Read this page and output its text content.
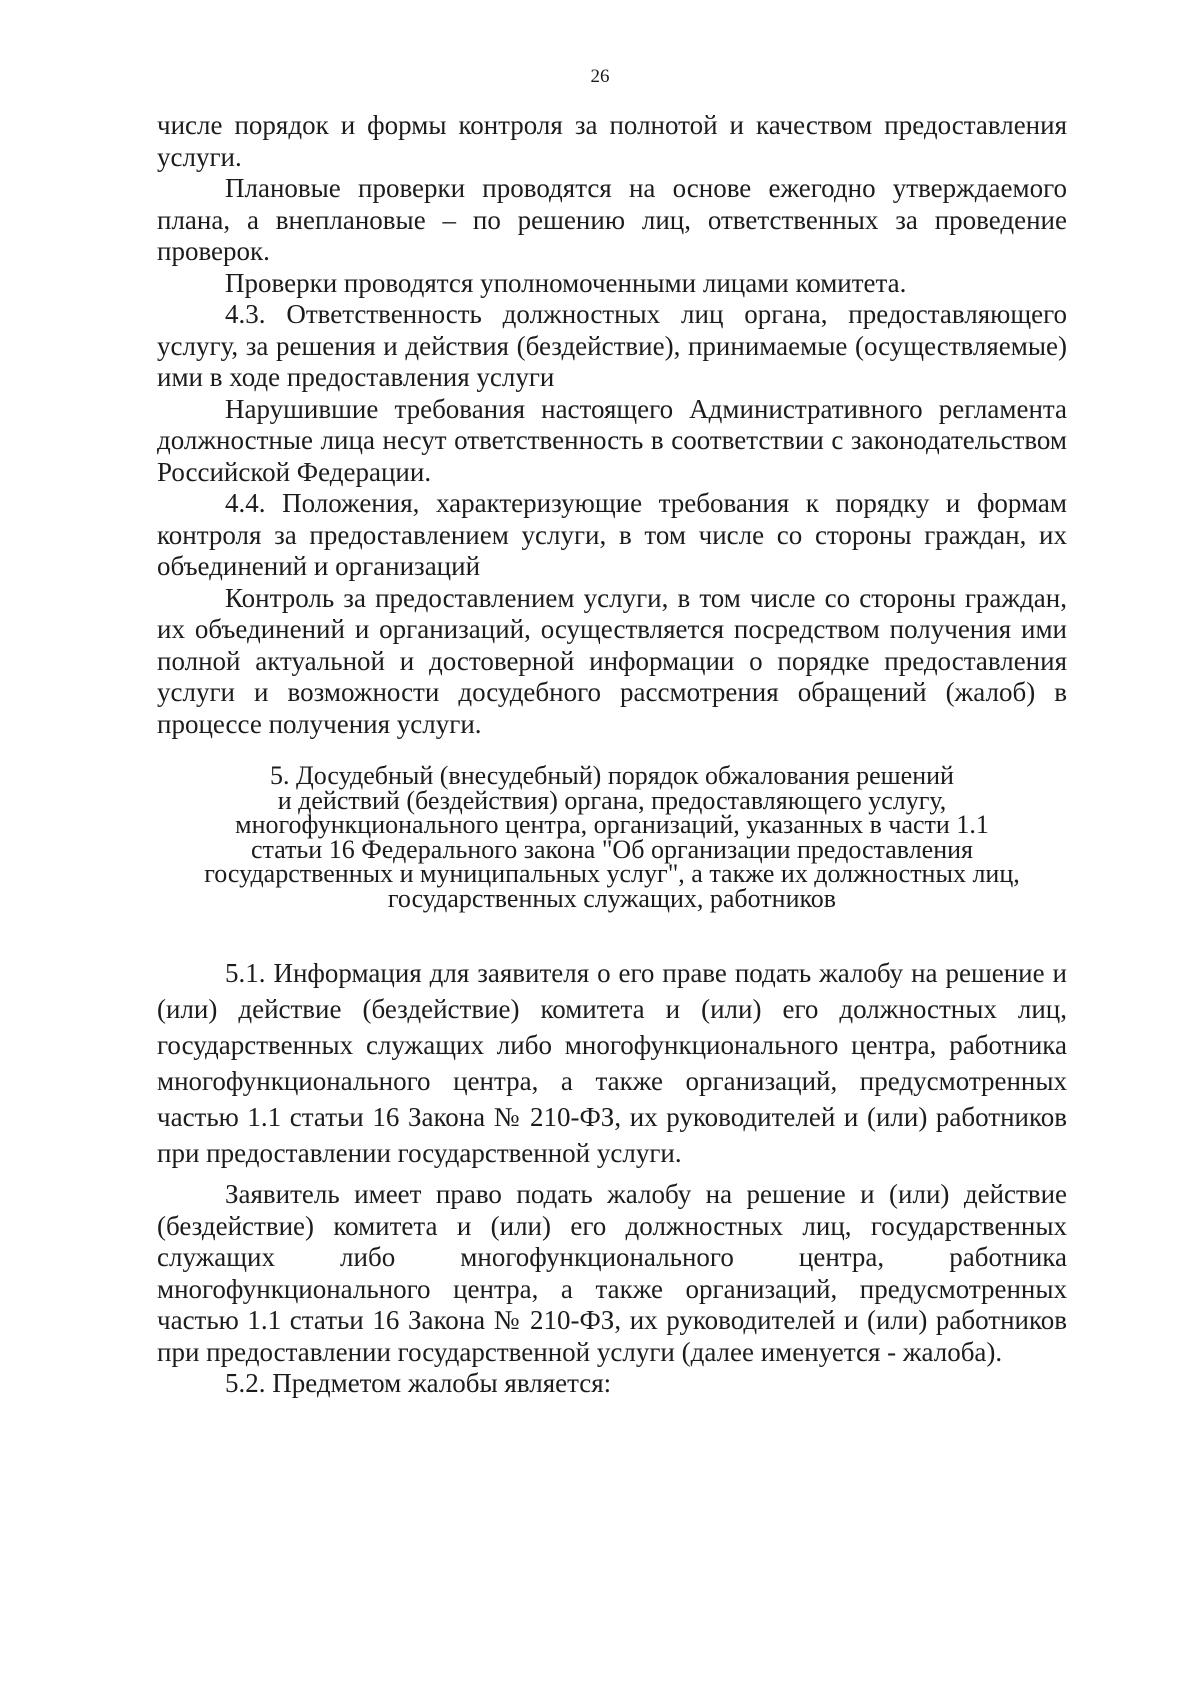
26

числе порядок и формы контроля за полнотой и качеством предоставления услуги.

Плановые проверки проводятся на основе ежегодно утверждаемого плана, а внеплановые – по решению лиц, ответственных за проведение проверок.

Проверки проводятся уполномоченными лицами комитета.

4.3. Ответственность должностных лиц органа, предоставляющего услугу, за решения и действия (бездействие), принимаемые (осуществляемые) ими в ходе предоставления услуги

Нарушившие требования настоящего Административного регламента должностные лица несут ответственность в соответствии с законодательством Российской Федерации.

4.4. Положения, характеризующие требования к порядку и формам контроля за предоставлением услуги, в том числе со стороны граждан, их объединений и организаций

Контроль за предоставлением услуги, в том числе со стороны граждан, их объединений и организаций, осуществляется посредством получения ими полной актуальной и достоверной информации о порядке предоставления услуги и возможности досудебного рассмотрения обращений (жалоб) в процессе получения услуги.

5. Досудебный (внесудебный) порядок обжалования решений
и действий (бездействия) органа, предоставляющего услугу,
многофункционального центра, организаций, указанных в части 1.1
статьи 16 Федерального закона "Об организации предоставления
государственных и муниципальных услуг", а также их должностных лиц,
государственных служащих, работников

5.1. Информация для заявителя о его праве подать жалобу на решение и (или) действие (бездействие) комитета и (или) его должностных лиц, государственных служащих либо многофункционального центра, работника многофункционального центра, а также организаций, предусмотренных частью 1.1 статьи 16 Закона № 210-ФЗ, их руководителей и (или) работников при предоставлении государственной услуги.

Заявитель имеет право подать жалобу на решение и (или) действие (бездействие) комитета и (или) его должностных лиц, государственных служащих либо многофункционального центра, работника многофункционального центра, а также организаций, предусмотренных частью 1.1 статьи 16 Закона № 210-ФЗ, их руководителей и (или) работников при предоставлении государственной услуги (далее именуется - жалоба).

5.2. Предметом жалобы является:
